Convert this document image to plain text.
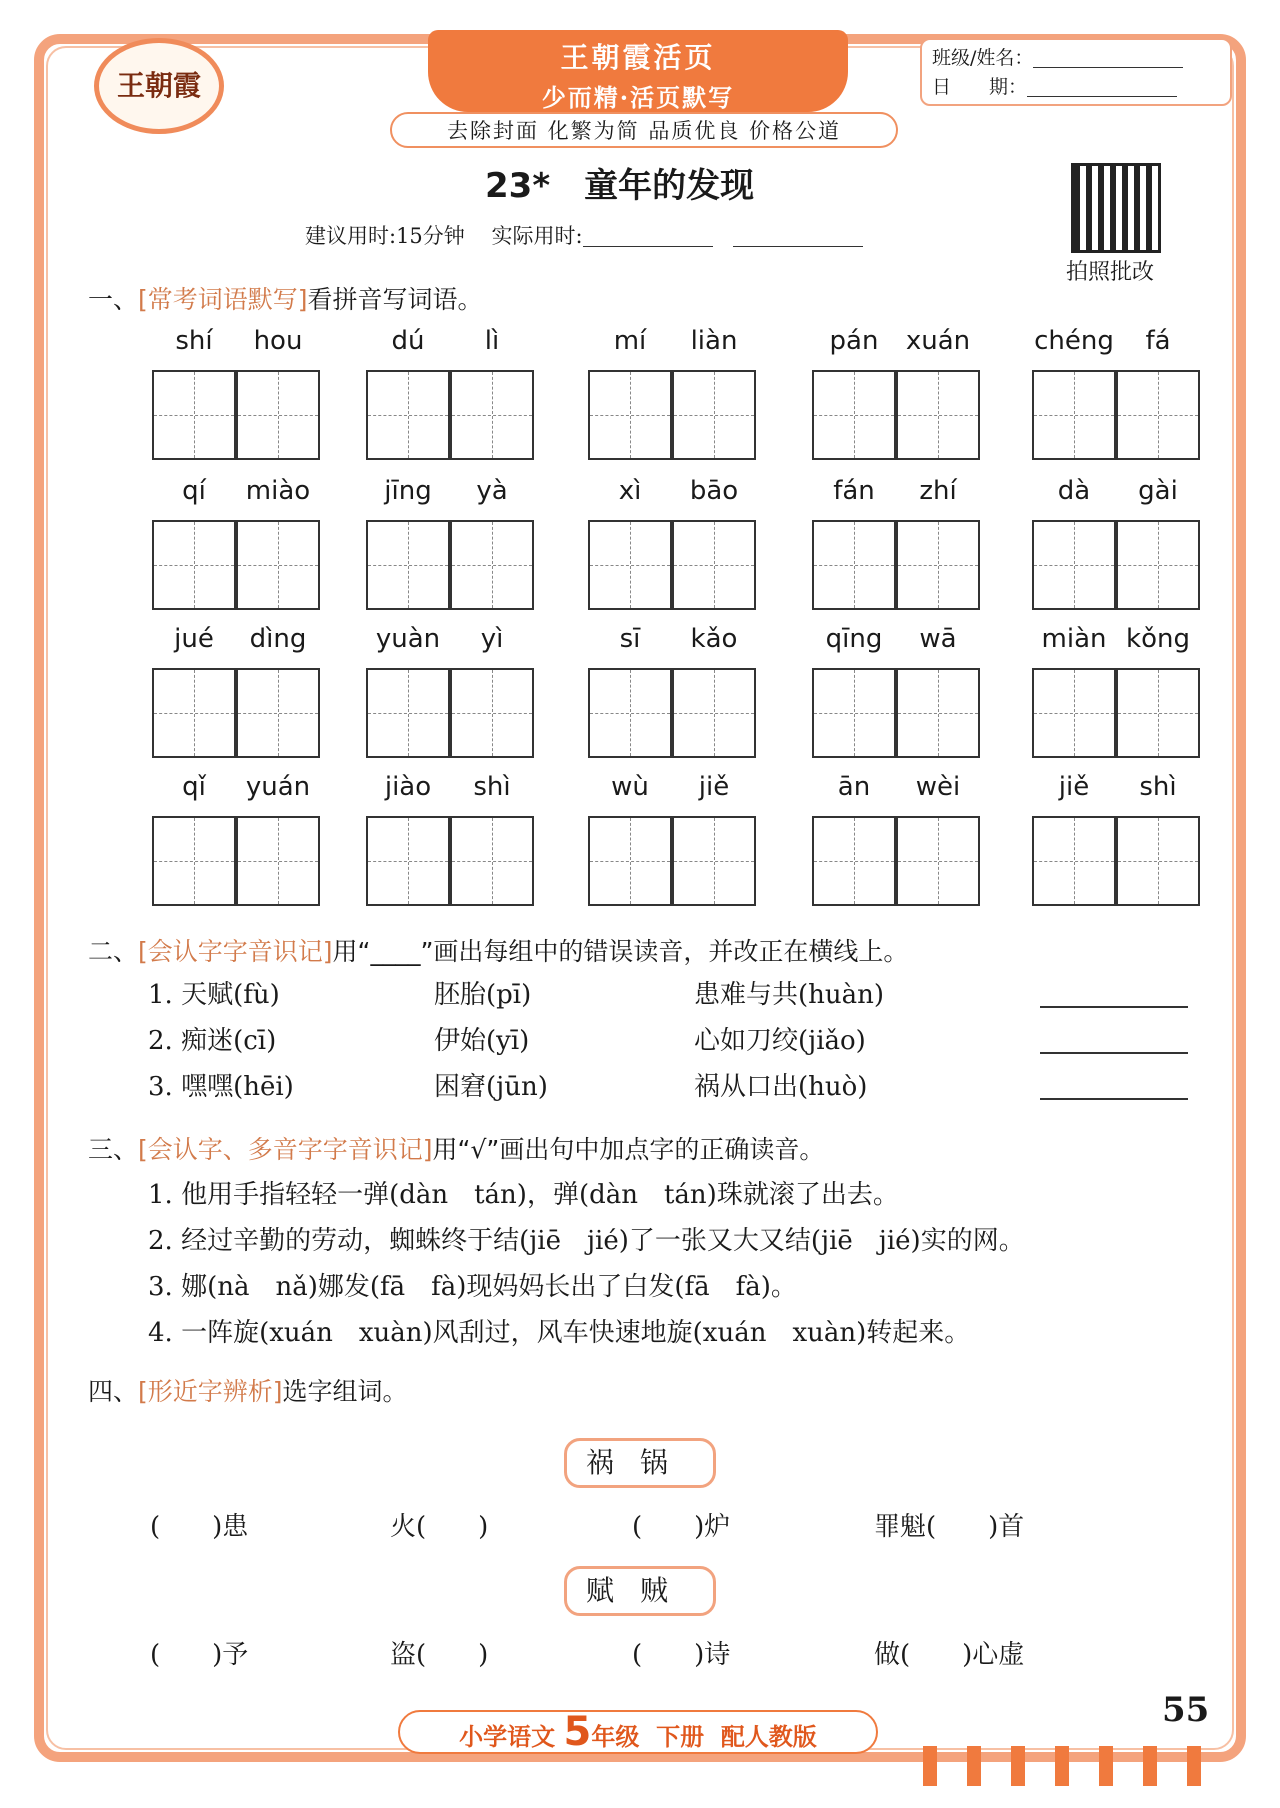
王朝霞
王朝霞活页
少而精·活页默写
去除封面 化繁为简 品质优良 价格公道
班级/姓名：
日　　期：
23*　童年的发现
建议用时:15分钟 实际用时:
拍照批改
一、[常考词语默写]看拼音写词语。
shí	hou	dú	lì	mí	liàn	pán	xuán	chéng	fá
qí	miào	jīng	yà	xì	bāo	fán	zhí	dà	gài
jué	dìng	yuàn	yì	sī	kǎo	qīng	wā	miàn kǒng
qǐ	yuán	jiào	shì	wù	jiě	ān	wèi	jiě	shì
二、[会认字字音识记]用“____”画出每组中的错误读音，并改正在横线上。
1. 天赋(fù)	胚胎(pī)	患难与共(huàn)
2. 痴迷(cī)	伊始(yī)	心如刀绞(jiǎo)
3. 嘿嘿(hēi)	困窘(jūn)	祸从口出(huò)
三、[会认字、多音字字音识记]用“√”画出句中加点字的正确读音。
1. 他用手指轻轻一弹(dàn　tán)，弹(dàn　tán)珠就滚了出去。
2. 经过辛勤的劳动，蜘蛛终于结(jiē　jié)了一张又大又结(jiē　jié)实的网。
3. 娜(nà　nǎ)娜发(fā　fà)现妈妈长出了白发(fā　fà)。
4. 一阵旋(xuán　xuàn)风刮过，风车快速地旋(xuán　xuàn)转起来。
四、[形近字辨析]选字组词。
祸锅
(　　)患	火(　　)	(　　)炉	罪魁(　　)首
赋贼
(　　)予	盗(　　)	(　　)诗	做(　　)心虚
55
小学语文 5年级 下册 配人教版
